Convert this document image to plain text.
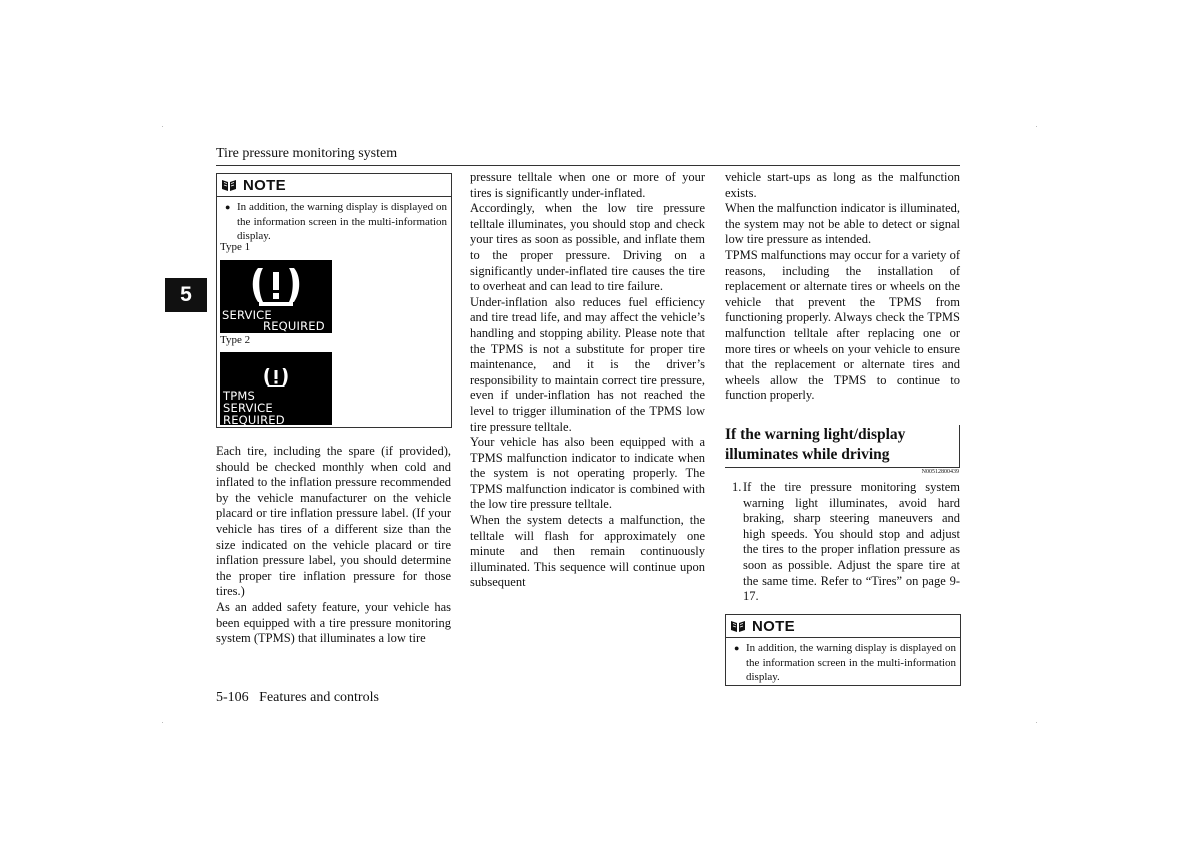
Tire pressure monitoring system
5
NOTE
● In addition, the warning display is displayed on the information screen in the multi-information display.
Type 1
SERVICE
REQUIRED
Type 2
TPMS
SERVICE REQUIRED

Each tire, including the spare (if provided), should be checked monthly when cold and inflated to the inflation pressure recommended by the vehicle manufacturer on the vehicle placard or tire inflation pressure label. (If your vehicle has tires of a different size than the size indicated on the vehicle placard or tire inflation pressure label, you should determine the proper tire inflation pressure for those tires.)

As an added safety feature, your vehicle has been equipped with a tire pressure monitoring system (TPMS) that illuminates a low tire

pressure telltale when one or more of your tires is significantly under-inflated.

Accordingly, when the low tire pressure telltale illuminates, you should stop and check your tires as soon as possible, and inflate them to the proper pressure. Driving on a significantly under-inflated tire causes the tire to overheat and can lead to tire failure.

Under-inflation also reduces fuel efficiency and tire tread life, and may affect the vehicle’s handling and stopping ability. Please note that the TPMS is not a substitute for proper tire maintenance, and it is the driver’s responsibility to maintain correct tire pressure, even if under-inflation has not reached the level to trigger illumination of the TPMS low tire pressure telltale.

Your vehicle has also been equipped with a TPMS malfunction indicator to indicate when the system is not operating properly. The TPMS malfunction indicator is combined with the low tire pressure telltale.

When the system detects a malfunction, the telltale will flash for approximately one minute and then remain continuously illuminated. This sequence will continue upon subsequent

vehicle start-ups as long as the malfunction exists.

When the malfunction indicator is illuminated, the system may not be able to detect or signal low tire pressure as intended.

TPMS malfunctions may occur for a variety of reasons, including the installation of replacement or alternate tires or wheels on the vehicle that prevent the TPMS from functioning properly. Always check the TPMS malfunction telltale after replacing one or more tires or wheels on your vehicle to ensure that the replacement or alternate tires and wheels allow the TPMS to continue to function properly.

If the warning light/display illuminates while driving
N00512800439
1. If the tire pressure monitoring system warning light illuminates, avoid hard braking, sharp steering maneuvers and high speeds. You should stop and adjust the tires to the proper inflation pressure as soon as possible. Adjust the spare tire at the same time. Refer to “Tires” on page 9-17.
NOTE
● In addition, the warning display is displayed on the information screen in the multi-information display.
5-106 Features and controls
